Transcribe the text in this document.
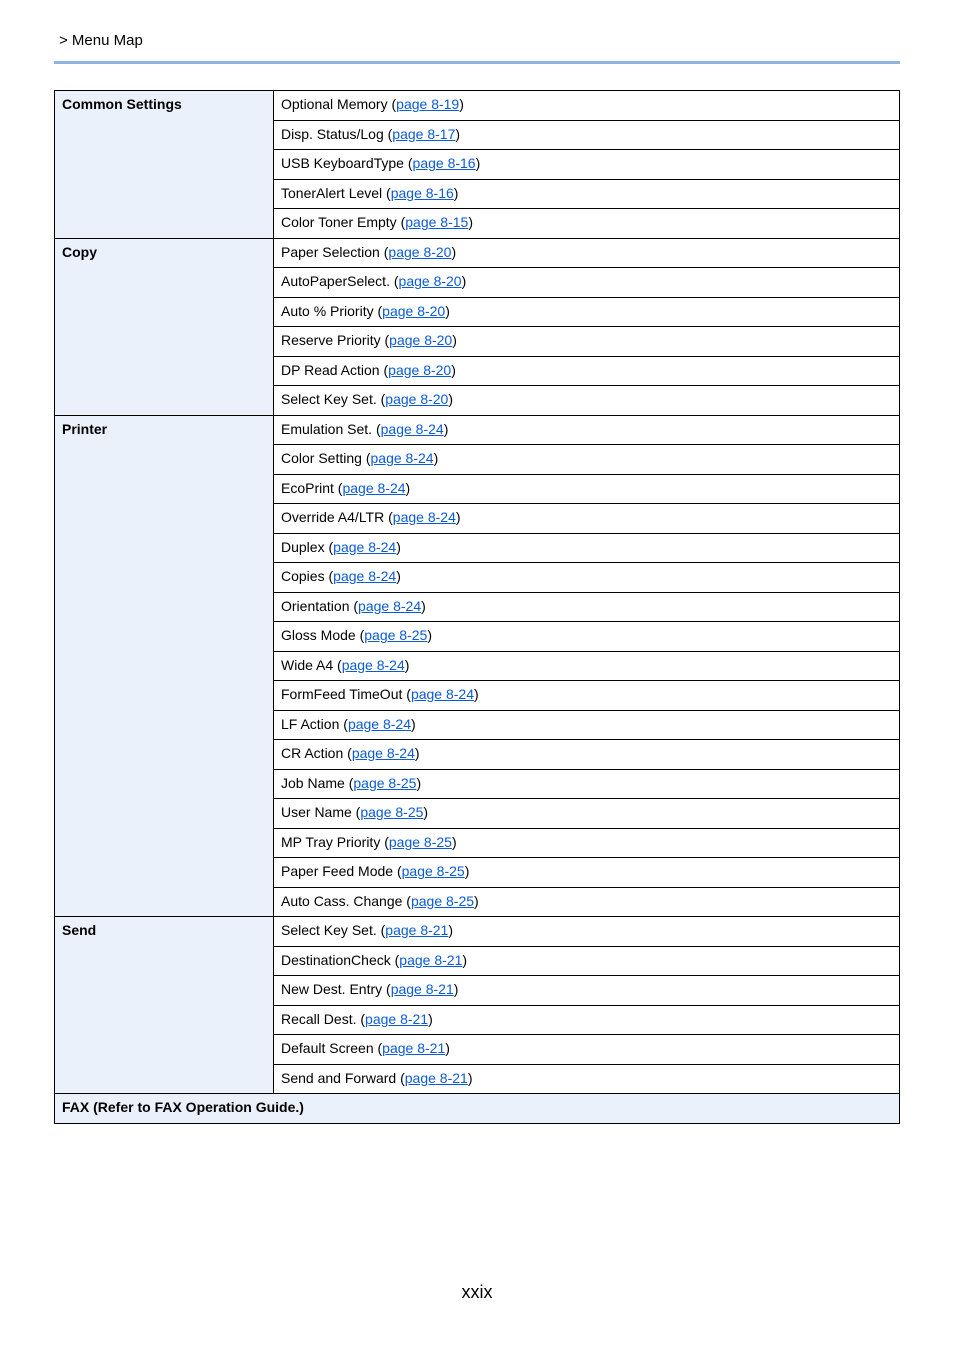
> Menu Map
Common Settings	Optional Memory (page 8-19)
	Disp. Status/Log (page 8-17)
	USB KeyboardType (page 8-16)
	TonerAlert Level (page 8-16)
	Color Toner Empty (page 8-15)
Copy	Paper Selection (page 8-20)
	AutoPaperSelect. (page 8-20)
	Auto % Priority (page 8-20)
	Reserve Priority (page 8-20)
	DP Read Action (page 8-20)
	Select Key Set. (page 8-20)
Printer	Emulation Set. (page 8-24)
	Color Setting (page 8-24)
	EcoPrint (page 8-24)
	Override A4/LTR (page 8-24)
	Duplex (page 8-24)
	Copies (page 8-24)
	Orientation (page 8-24)
	Gloss Mode (page 8-25)
	Wide A4 (page 8-24)
	FormFeed TimeOut (page 8-24)
	LF Action (page 8-24)
	CR Action (page 8-24)
	Job Name (page 8-25)
	User Name (page 8-25)
	MP Tray Priority (page 8-25)
	Paper Feed Mode (page 8-25)
	Auto Cass. Change (page 8-25)
Send	Select Key Set. (page 8-21)
	DestinationCheck (page 8-21)
	New Dest. Entry (page 8-21)
	Recall Dest. (page 8-21)
	Default Screen (page 8-21)
	Send and Forward (page 8-21)
FAX (Refer to FAX Operation Guide.)	
xxix
